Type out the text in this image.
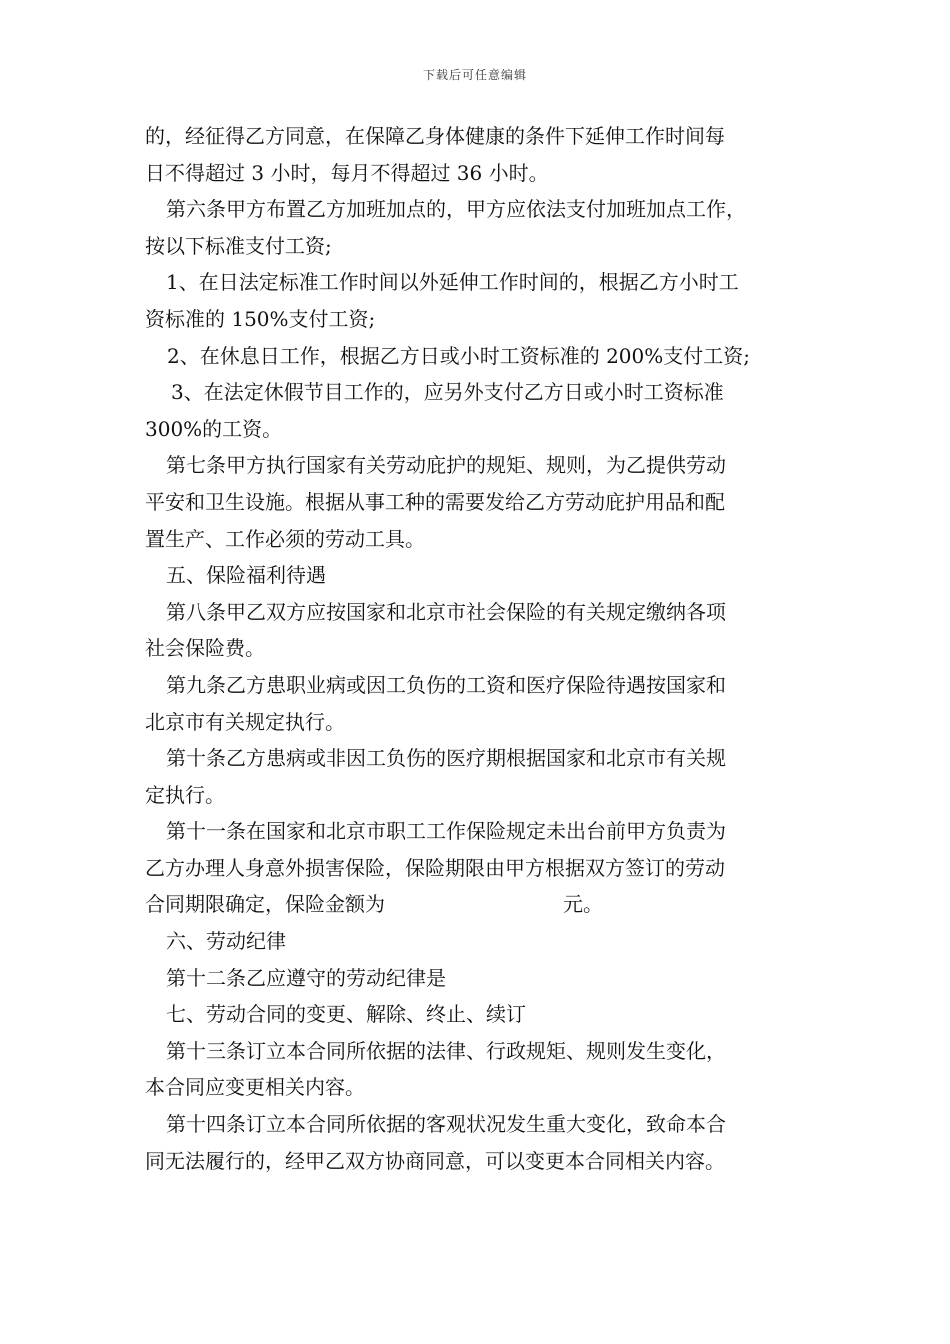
下载后可任意编辑
的，经征得乙方同意，在保障乙身体健康的条件下延伸工作时间每
日不得超过 3 小时，每月不得超过 36 小时。
第六条甲方布置乙方加班加点的，甲方应依法支付加班加点工作，
按以下标准支付工资;
1、在日法定标准工作时间以外延伸工作时间的，根据乙方小时工
资标准的 150%支付工资;
2、在休息日工作，根据乙方日或小时工资标准的 200%支付工资;
3、在法定休假节目工作的，应另外支付乙方日或小时工资标准
300%的工资。
第七条甲方执行国家有关劳动庇护的规矩、规则，为乙提供劳动
平安和卫生设施。根据从事工种的需要发给乙方劳动庇护用品和配
置生产、工作必须的劳动工具。
五、保险福利待遇
第八条甲乙双方应按国家和北京市社会保险的有关规定缴纳各项
社会保险费。
第九条乙方患职业病或因工负伤的工资和医疗保险待遇按国家和
北京市有关规定执行。
第十条乙方患病或非因工负伤的医疗期根据国家和北京市有关规
定执行。
第十一条在国家和北京市职工工作保险规定未出台前甲方负责为
乙方办理人身意外损害保险，保险期限由甲方根据双方签订的劳动
合同期限确定，保险金额为	元。
六、劳动纪律
第十二条乙应遵守的劳动纪律是
七、劳动合同的变更、解除、终止、续订
第十三条订立本合同所依据的法律、行政规矩、规则发生变化，
本合同应变更相关内容。
第十四条订立本合同所依据的客观状况发生重大变化，致命本合
同无法履行的，经甲乙双方协商同意，可以变更本合同相关内容。
